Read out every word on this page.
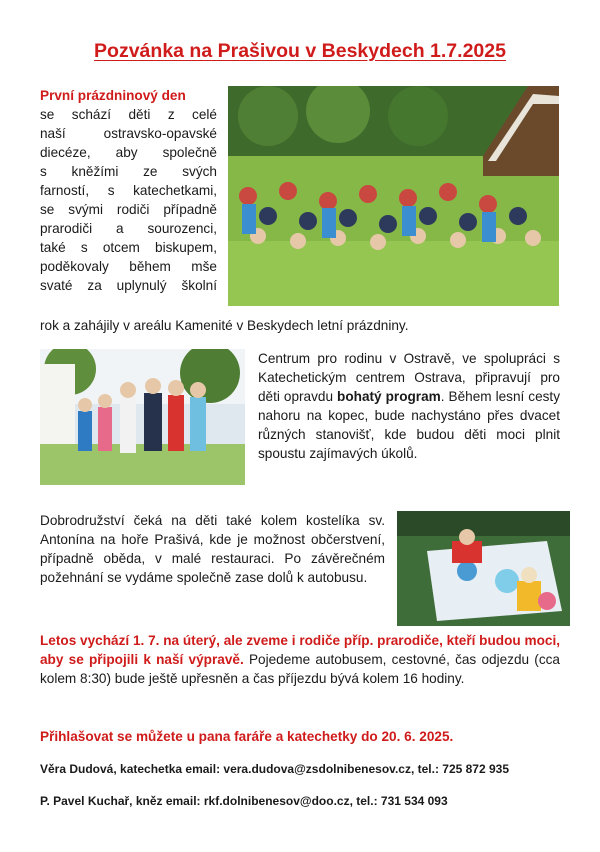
Pozvánka na Prašivou v Beskydech 1.7.2025
První prázdninový den
se schází děti z celé
naší ostravsko-opavské
diecéze, aby společně
s kněžími ze svých
farností, s katechetkami,
se svými rodiči případně
prarodiči a sourozenci,
také s otcem biskupem,
poděkovaly během mše
svaté za uplynulý školní
rok a zahájily v areálu Kamenité v Beskydech letní prázdniny.
Centrum pro rodinu v Ostravě, ve spolupráci s Katechetickým centrem Ostrava, připravují pro děti opravdu bohatý program. Během lesní cesty nahoru na kopec, bude nachystáno přes dvacet různých stanovišť, kde budou děti moci plnit spoustu zajímavých úkolů.
Dobrodružství čeká na děti také kolem kostelíka sv. Antonína na hoře Prašivá, kde je možnost občerstvení, případně oběda, v malé restauraci. Po závěrečném požehnání se vydáme společně zase dolů k autobusu.
Letos vychází 1. 7. na úterý, ale zveme i rodiče příp. prarodiče, kteří budou moci, aby se připojili k naší výpravě. Pojedeme autobusem, cestovné, čas odjezdu (cca kolem 8:30) bude ještě upřesněn a čas příjezdu bývá kolem 16 hodiny.
Přihlašovat se můžete u pana faráře a katechetky do 20. 6. 2025.
Věra Dudová, katechetka email: vera.dudova@zsdolnibenesov.cz, tel.: 725 872 935
P. Pavel Kuchař, kněz email: rkf.dolnibenesov@doo.cz, tel.: 731 534 093
